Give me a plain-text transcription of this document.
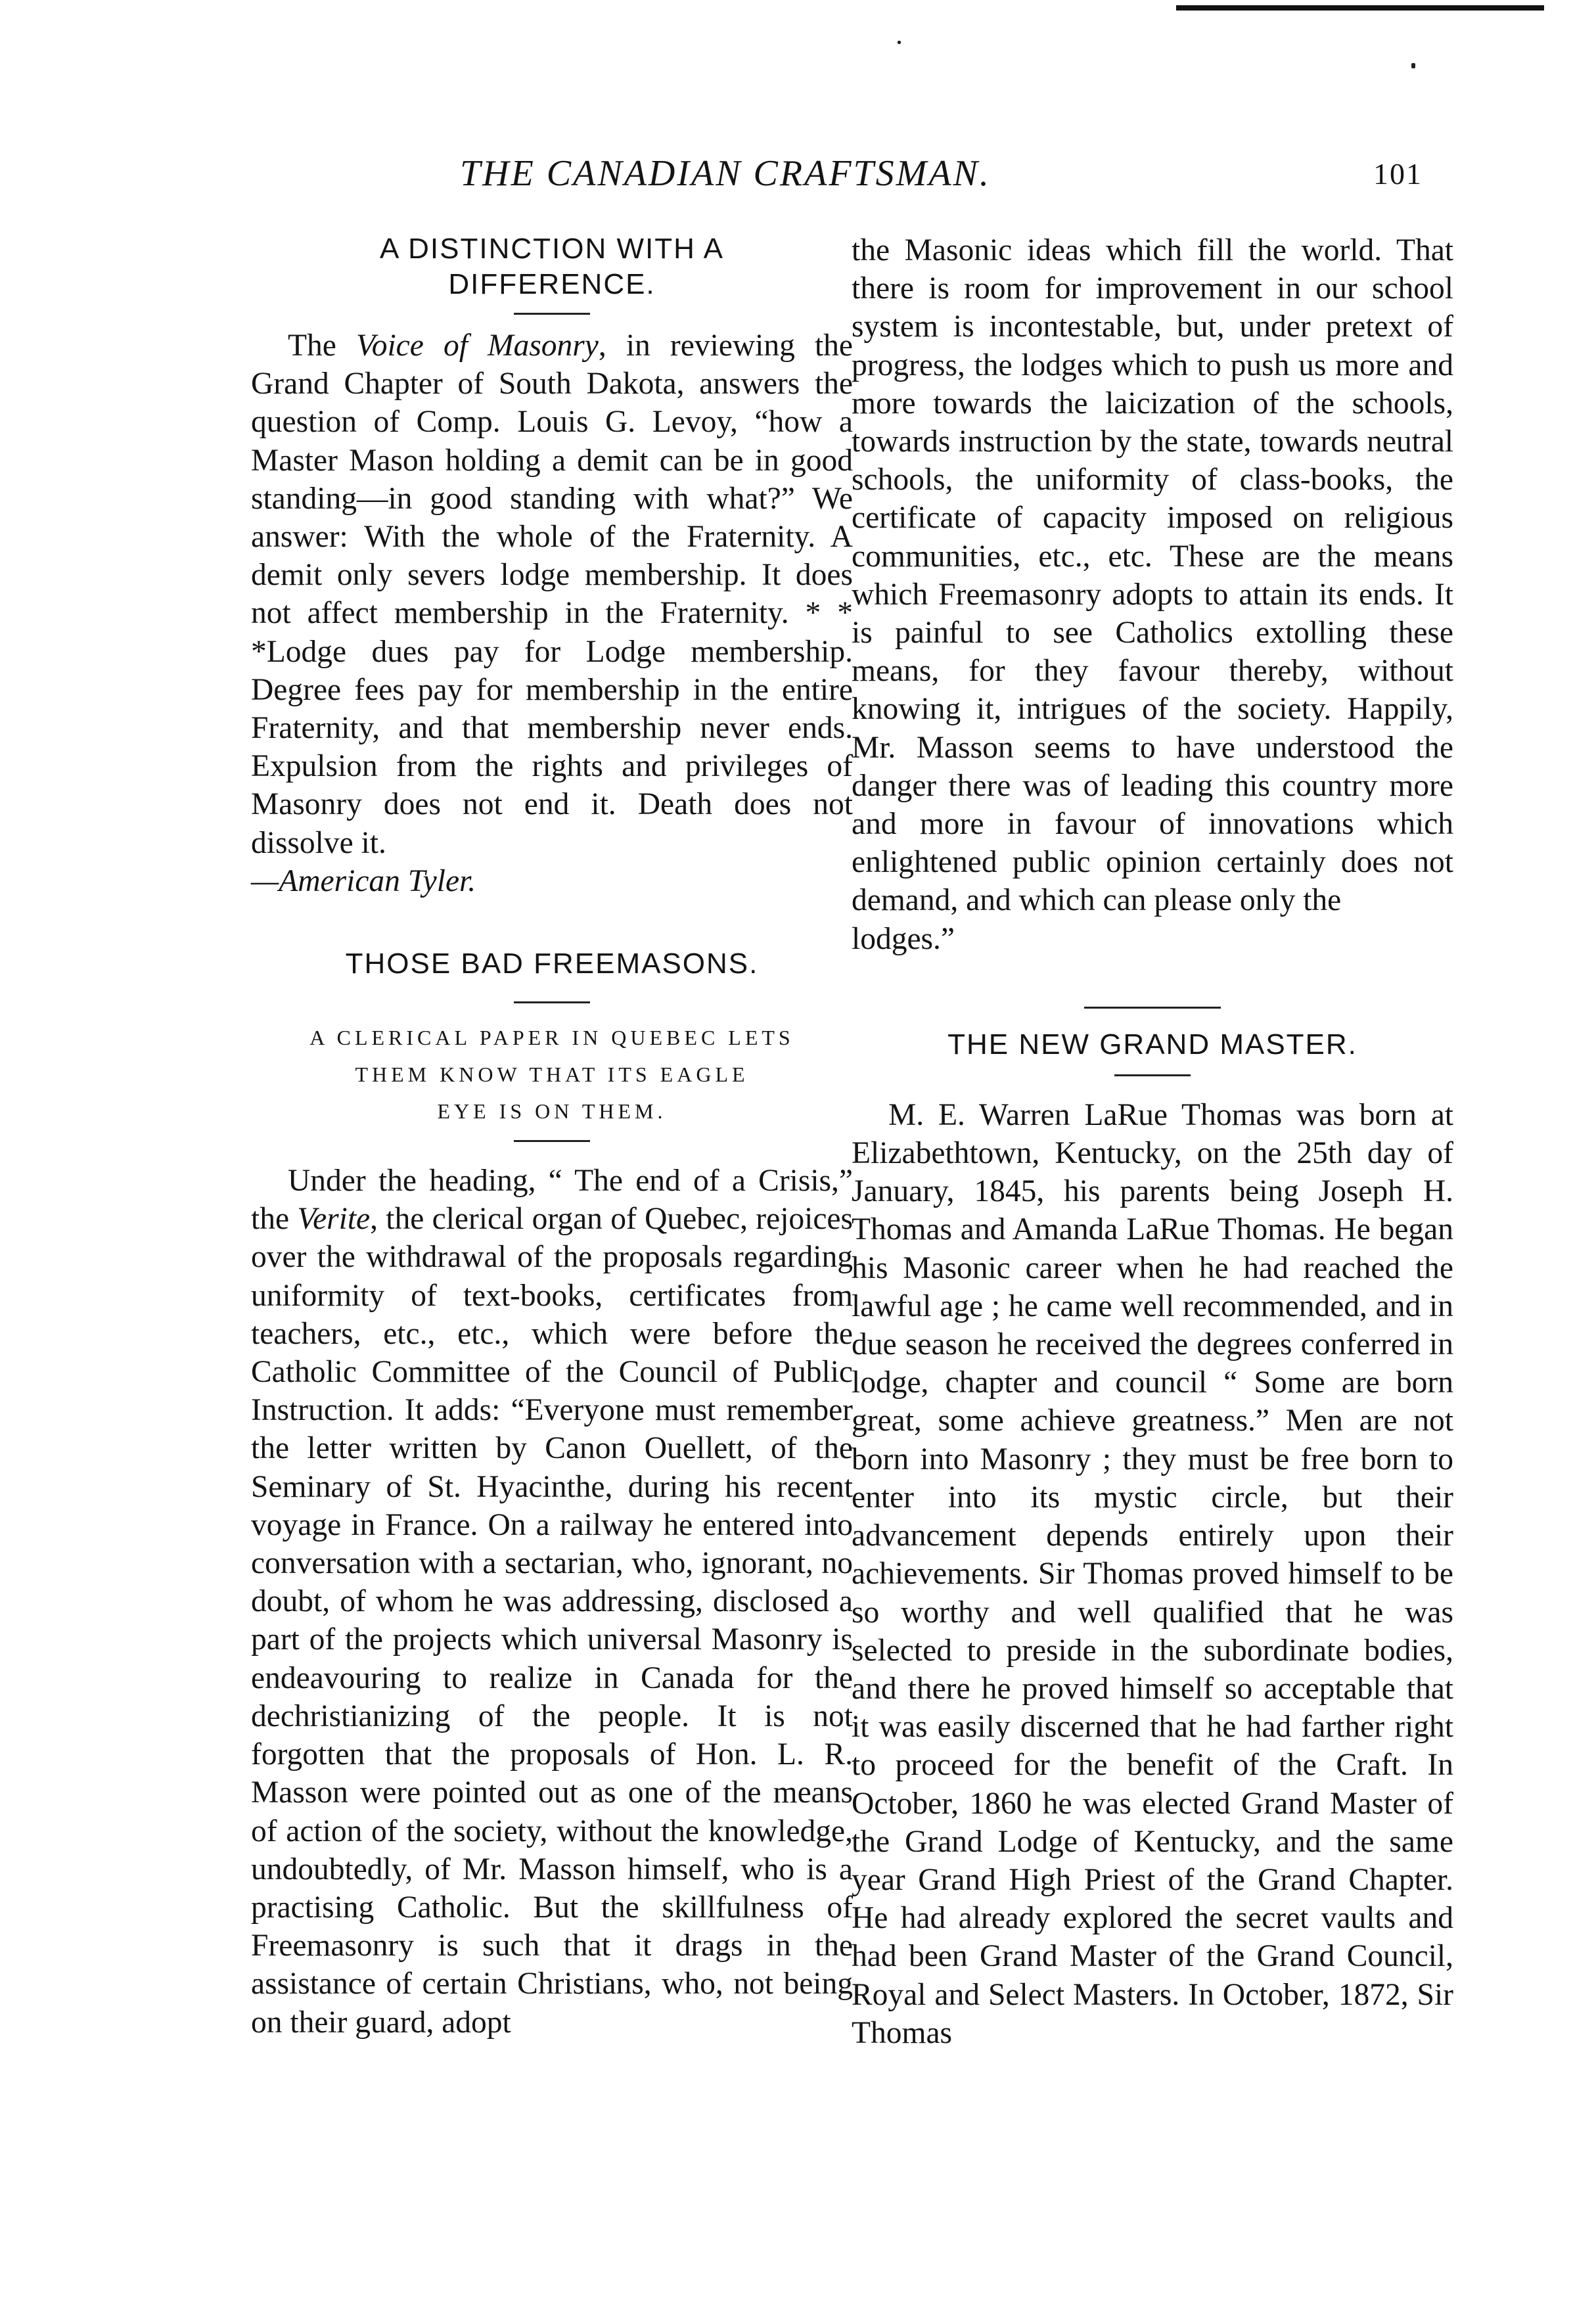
THE CANADIAN CRAFTSMAN.	101
A DISTINCTION WITH A
DIFFERENCE.

The Voice of Masonry, in reviewing the Grand Chapter of South Dakota, answers the question of Comp. Louis G. Levoy, “how a Master Mason holding a demit can be in good standing—in good standing with what?” We answer: With the whole of the Fraternity. A demit only severs lodge membership. It does not affect membership in the Fraternity. * * *Lodge dues pay for Lodge membership. Degree fees pay for membership in the entire Fraternity, and that membership never ends. Expulsion from the rights and privileges of Masonry does not end it. Death does not dissolve it.

—American Tyler.

THOSE BAD FREEMASONS.

A CLERICAL PAPER IN QUEBEC LETS
THEM KNOW THAT ITS EAGLE
EYE IS ON THEM.

Under the heading, “ The end of a Crisis,” the Verite, the clerical organ of Quebec, rejoices over the withdrawal of the proposals regarding uniformity of text-books, certificates from teachers, etc., etc., which were before the Catholic Committee of the Council of Public Instruction. It adds: “Everyone must remember the letter written by Canon Ouellett, of the Seminary of St. Hyacinthe, during his recent voyage in France. On a railway he entered into conversation with a sectarian, who, ignorant, no doubt, of whom he was addressing, disclosed a part of the projects which universal Masonry is endeavouring to realize in Canada for the dechristianizing of the people. It is not forgotten that the proposals of Hon. L. R. Masson were pointed out as one of the means of action of the society, without the knowledge, undoubtedly, of Mr. Masson himself, who is a practising Catholic. But the skillfulness of Freemasonry is such that it drags in the assistance of certain Christians, who, not being on their guard, adopt

the Masonic ideas which fill the world. That there is room for improvement in our school system is incontestable, but, under pretext of progress, the lodges which to push us more and more towards the laicization of the schools, towards instruction by the state, towards neutral schools, the uniformity of class-books, the certificate of capacity imposed on religious communities, etc., etc. These are the means which Freemasonry adopts to attain its ends. It is painful to see Catholics extolling these means, for they favour thereby, without knowing it, intrigues of the society. Happily, Mr. Masson seems to have understood the danger there was of leading this country more and more in favour of innovations which enlightened public opinion certainly does not demand, and which can please only the

lodges.”

THE NEW GRAND MASTER.

M. E. Warren LaRue Thomas was born at Elizabethtown, Kentucky, on the 25th day of January, 1845, his parents being Joseph H. Thomas and Amanda LaRue Thomas. He began his Masonic career when he had reached the lawful age ; he came well recommended, and in due season he received the degrees conferred in lodge, chapter and council “ Some are born great, some achieve greatness.” Men are not born into Masonry ; they must be free born to enter into its mystic circle, but their advancement depends entirely upon their achievements. Sir Thomas proved himself to be so worthy and well qualified that he was selected to preside in the subordinate bodies, and there he proved himself so acceptable that it was easily discerned that he had farther right to proceed for the benefit of the Craft. In October, 1860 he was elected Grand Master of the Grand Lodge of Kentucky, and the same year Grand High Priest of the Grand Chapter. He had already explored the secret vaults and had been Grand Master of the Grand Council, Royal and Select Masters. In October, 1872, Sir Thomas
